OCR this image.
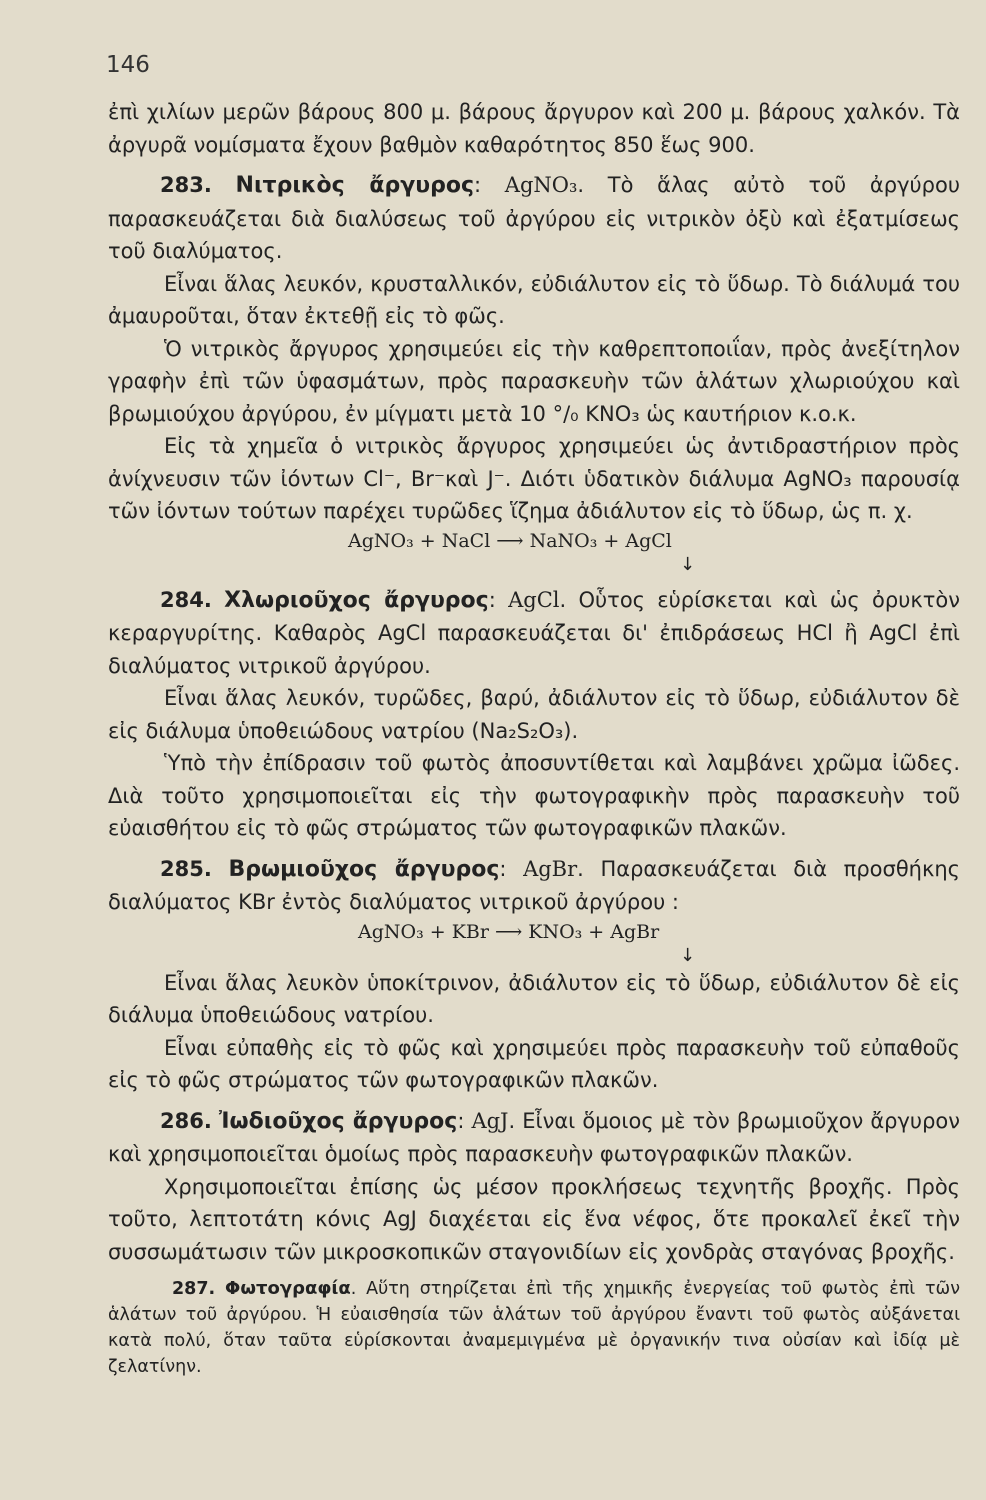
146

ἐπὶ χιλίων μερῶν βάρους 800 μ. βάρους ἄργυρον καὶ 200 μ. βάρους χαλκόν. Τὰ ἀργυρᾶ νομίσματα ἔχουν βαθμὸν καθαρότητος 850 ἕως 900.

283. Νιτρικὸς ἄργυρος: AgNO₃. Τὸ ἅλας αὐτὸ τοῦ ἀργύρου παρασκευάζεται διὰ διαλύσεως τοῦ ἀργύρου εἰς νιτρικὸν ὀξὺ καὶ ἐξατμίσεως τοῦ διαλύματος.

Εἶναι ἅλας λευκόν, κρυσταλλικόν, εὐδιάλυτον εἰς τὸ ὕδωρ. Τὸ διάλυμά του ἀμαυροῦται, ὅταν ἐκτεθῇ εἰς τὸ φῶς.

Ὁ νιτρικὸς ἄργυρος χρησιμεύει εἰς τὴν καθρεπτοποιΐαν, πρὸς ἀνεξίτηλον γραφὴν ἐπὶ τῶν ὑφασμάτων, πρὸς παρασκευὴν τῶν ἁλάτων χλωριούχου καὶ βρωμιούχου ἀργύρου, ἐν μίγματι μετὰ 10 °/₀ KNO₃ ὡς καυτήριον κ.ο.κ.

Εἰς τὰ χημεῖα ὁ νιτρικὸς ἄργυρος χρησιμεύει ὡς ἀντιδραστήριον πρὸς ἀνίχνευσιν τῶν ἰόντων Cl⁻, Br⁻καὶ J⁻. Διότι ὑδατικὸν διάλυμα AgNO₃ παρουσίᾳ τῶν ἰόντων τούτων παρέχει τυρῶδες ἵζημα ἀδιάλυτον εἰς τὸ ὕδωρ, ὡς π. χ.

AgNO₃ + NaCl ⟶ NaNO₃ + AgCl

↓

284. Χλωριοῦχος ἄργυρος: AgCl. Οὗτος εὑρίσκεται καὶ ὡς ὀρυκτὸν κεραργυρίτης. Καθαρὸς AgCl παρασκευάζεται δι' ἐπιδράσεως HCl ἢ AgCl ἐπὶ διαλύματος νιτρικοῦ ἀργύρου.

Εἶναι ἅλας λευκόν, τυρῶδες, βαρύ, ἀδιάλυτον εἰς τὸ ὕδωρ, εὐδιάλυτον δὲ εἰς διάλυμα ὑποθειώδους νατρίου (Na₂S₂O₃).

Ὑπὸ τὴν ἐπίδρασιν τοῦ φωτὸς ἀποσυντίθεται καὶ λαμβάνει χρῶμα ἰῶδες. Διὰ τοῦτο χρησιμοποιεῖται εἰς τὴν φωτογραφικὴν πρὸς παρασκευὴν τοῦ εὐαισθήτου εἰς τὸ φῶς στρώματος τῶν φωτογραφικῶν πλακῶν.

285. Βρωμιοῦχος ἄργυρος: AgBr. Παρασκευάζεται διὰ προσθήκης διαλύματος KBr ἐντὸς διαλύματος νιτρικοῦ ἀργύρου :

AgNO₃ + KBr ⟶ KNO₃ + AgBr

↓

Εἶναι ἅλας λευκὸν ὑποκίτρινον, ἀδιάλυτον εἰς τὸ ὕδωρ, εὐδιάλυτον δὲ εἰς διάλυμα ὑποθειώδους νατρίου.

Εἶναι εὐπαθὴς εἰς τὸ φῶς καὶ χρησιμεύει πρὸς παρασκευὴν τοῦ εὐπαθοῦς εἰς τὸ φῶς στρώματος τῶν φωτογραφικῶν πλακῶν.

286. Ἰωδιοῦχος ἄργυρος: AgJ. Εἶναι ὅμοιος μὲ τὸν βρωμιοῦχον ἄργυρον καὶ χρησιμοποιεῖται ὁμοίως πρὸς παρασκευὴν φωτογραφικῶν πλακῶν.

Χρησιμοποιεῖται ἐπίσης ὡς μέσον προκλήσεως τεχνητῆς βροχῆς. Πρὸς τοῦτο, λεπτοτάτη κόνις AgJ διαχέεται εἰς ἕνα νέφος, ὅτε προκαλεῖ ἐκεῖ τὴν συσσωμάτωσιν τῶν μικροσκοπικῶν σταγονιδίων εἰς χονδρὰς σταγόνας βροχῆς.

287. Φωτογραφία. Αὕτη στηρίζεται ἐπὶ τῆς χημικῆς ἐνεργείας τοῦ φωτὸς ἐπὶ τῶν ἁλάτων τοῦ ἀργύρου. Ἡ εὐαισθησία τῶν ἁλάτων τοῦ ἀργύρου ἔναντι τοῦ φωτὸς αὐξάνεται κατὰ πολύ, ὅταν ταῦτα εὑρίσκονται ἀναμεμιγμένα μὲ ὀργανικήν τινα οὐσίαν καὶ ἰδίᾳ μὲ ζελατίνην.
